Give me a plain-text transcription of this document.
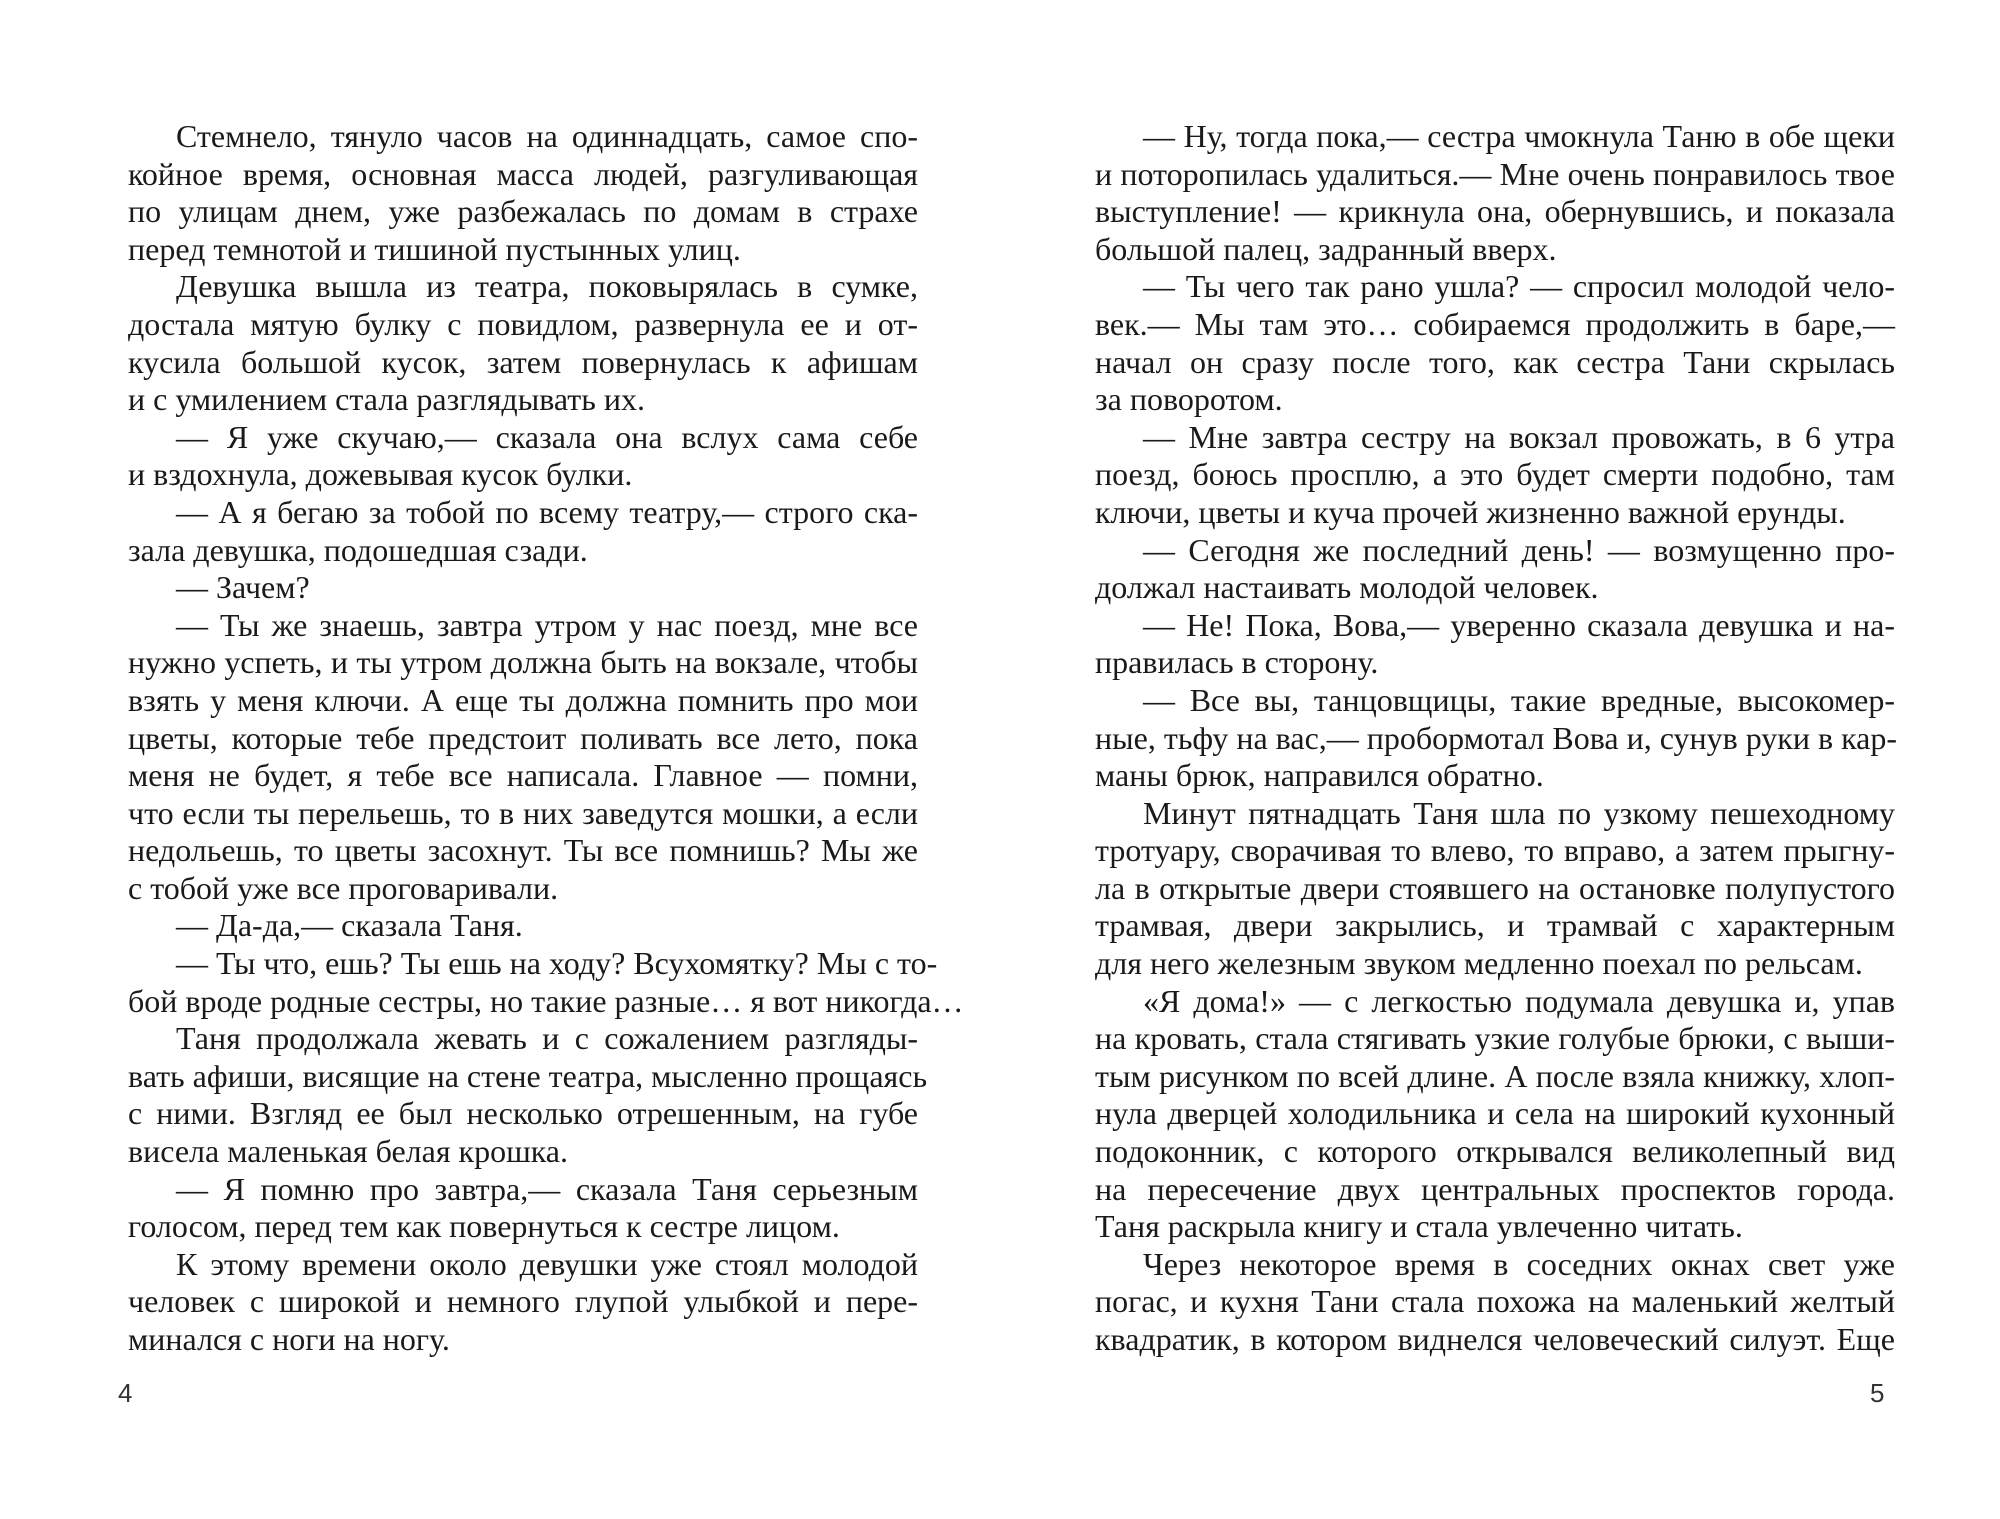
Стемнело, тянуло часов на одиннадцать, самое спо-
койное время, основная масса людей, разгуливающая
по улицам днем, уже разбежалась по домам в страхе
перед темнотой и тишиной пустынных улиц.
Девушка вышла из театра, поковырялась в сумке,
достала мятую булку с повидлом, развернула ее и от-
кусила большой кусок, затем повернулась к афишам
и с умилением стала разглядывать их.
— Я уже скучаю,— сказала она вслух сама себе
и вздохнула, дожевывая кусок булки.
— А я бегаю за тобой по всему театру,— строго ска-
зала девушка, подошедшая сзади.
— Зачем?
— Ты же знаешь, завтра утром у нас поезд, мне все
нужно успеть, и ты утром должна быть на вокзале, чтобы
взять у меня ключи. А еще ты должна помнить про мои
цветы, которые тебе предстоит поливать все лето, пока
меня не будет, я тебе все написала. Главное — помни,
что если ты перельешь, то в них заведутся мошки, а если
недольешь, то цветы засохнут. Ты все помнишь? Мы же
с тобой уже все проговаривали.
— Да-да,— сказала Таня.
— Ты что, ешь? Ты ешь на ходу? Всухомятку? Мы с то-
бой вроде родные сестры, но такие разные… я вот никогда…
Таня продолжала жевать и с сожалением разгляды-
вать афиши, висящие на стене театра, мысленно прощаясь
с ними. Взгляд ее был несколько отрешенным, на губе
висела маленькая белая крошка.
— Я помню про завтра,— сказала Таня серьезным
голосом, перед тем как повернуться к сестре лицом.
К этому времени около девушки уже стоял молодой
человек с широкой и немного глупой улыбкой и пере-
минался с ноги на ногу.
4
— Ну, тогда пока,— сестра чмокнула Таню в обе щеки
и поторопилась удалиться.— Мне очень понравилось твое
выступление! — крикнула она, обернувшись, и показала
большой палец, задранный вверх.
— Ты чего так рано ушла? — спросил молодой чело-
век.— Мы там это… собираемся продолжить в баре,—
начал он сразу после того, как сестра Тани скрылась
за поворотом.
— Мне завтра сестру на вокзал провожать, в 6 утра
поезд, боюсь просплю, а это будет смерти подобно, там
ключи, цветы и куча прочей жизненно важной ерунды.
— Сегодня же последний день! — возмущенно про-
должал настаивать молодой человек.
— Не! Пока, Вова,— уверенно сказала девушка и на-
правилась в сторону.
— Все вы, танцовщицы, такие вредные, высокомер-
ные, тьфу на вас,— пробормотал Вова и, сунув руки в кар-
маны брюк, направился обратно.
Минут пятнадцать Таня шла по узкому пешеходному
тротуару, сворачивая то влево, то вправо, а затем прыгну-
ла в открытые двери стоявшего на остановке полупустого
трамвая, двери закрылись, и трамвай с характерным
для него железным звуком медленно поехал по рельсам.
«Я дома!» — с легкостью подумала девушка и, упав
на кровать, стала стягивать узкие голубые брюки, с выши-
тым рисунком по всей длине. А после взяла книжку, хлоп-
нула дверцей холодильника и села на широкий кухонный
подоконник, с которого открывался великолепный вид
на пересечение двух центральных проспектов города.
Таня раскрыла книгу и стала увлеченно читать.
Через некоторое время в соседних окнах свет уже
погас, и кухня Тани стала похожа на маленький желтый
квадратик, в котором виднелся человеческий силуэт. Еще
5
